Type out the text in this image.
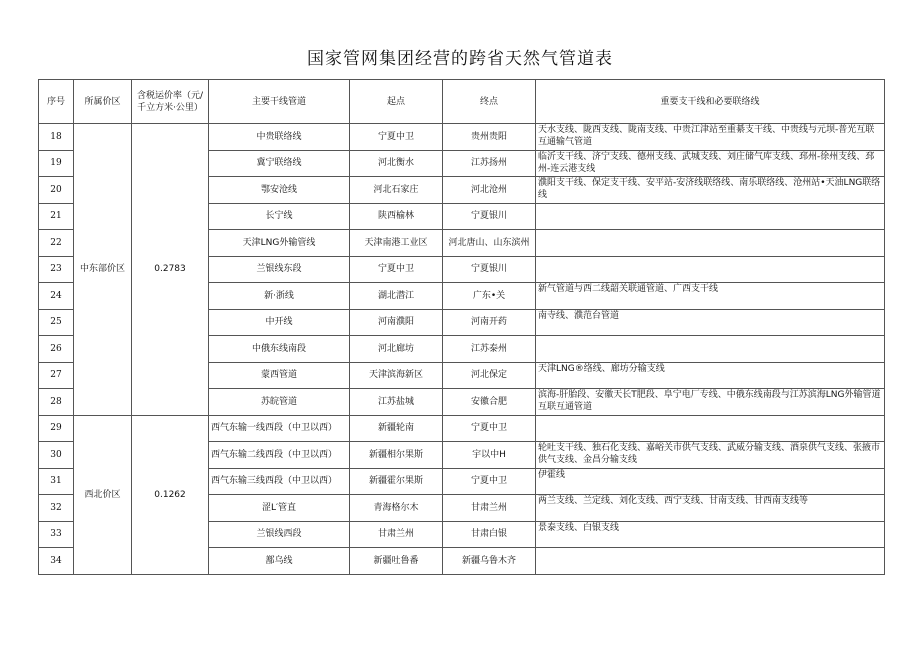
国家管网集团经营的跨省天然气管道表
序号	所属价区	含税运价率（元/千立方米·公里）	主要干线管道	起点	终点	重要支干线和必要联络线
18	中东部价区	0.2783	中贵联络线	宁夏中卫	贵州贵阳	天水支线、陇西支线、陇南支线、中贵江津站至重綦支干线、中贵线与元坝-普光互联互通输气管道
19			冀宁联络线	河北衡水	江苏扬州	临沂支干线、济宁支线、德州支线、武城支线、刘庄储气库支线、邳州-徐州支线、邳州-连云港支线
20			鄂安沧线	河北石家庄	河北沧州	濮阳支干线、保定支干线、安平站-安济线联络线、南乐联络线、沧州站•天油LNG联络线
21			长宁线	陕西榆林	宁夏银川	
22			天津LNG外输管线	天津南港工业区	河北唐山、山东滨州	
23			兰银线东段	宁夏中卫	宁夏银川	
24			新·浙线	湖北潜江	广东•关	新气管道与西二线韶关联通管道、广西支干线
25			中开线	河南濮阳	河南开药	南寺线、濮范台管道
26			中俄东线南段	河北廊坊	江苏泰州	
27			蒙西管道	天津滨海新区	河北保定	天津LNG®络线、廊坊分输支线
28			苏皖管道	江苏盐城	安徽合肥	滨海-肝胎段、安徽天长T肥段、阜宁电厂专线、中俄东线南段与江苏滨海LNG外输管道互联互通管道
29	西北价区	0.1262	西气东输一线西段（中卫以西）	新疆轮南	宁夏中卫	
30			西气东输二线西段（中卫以西）	新疆相尔果斯	宇以中H	轮吐支干线、独石化支线、嘉峪关市供气支线、武威分输支线、酒泉供气支线、张掖市供气支线、金昌分输支线
31			西气东输三线西段（中卫以西）	新疆霍尔果斯	宁夏中卫	伊霍线
32			涩L′管直	青海格尔木	甘肃兰州	两兰支线、兰定线、刘化支线、西宁支线、甘南支线、甘西南支线等
33			兰银线西段	甘肃兰州	甘肃白银	景泰支线、白银支线
34			鄯乌线	新疆吐鲁番	新疆乌鲁木齐	
